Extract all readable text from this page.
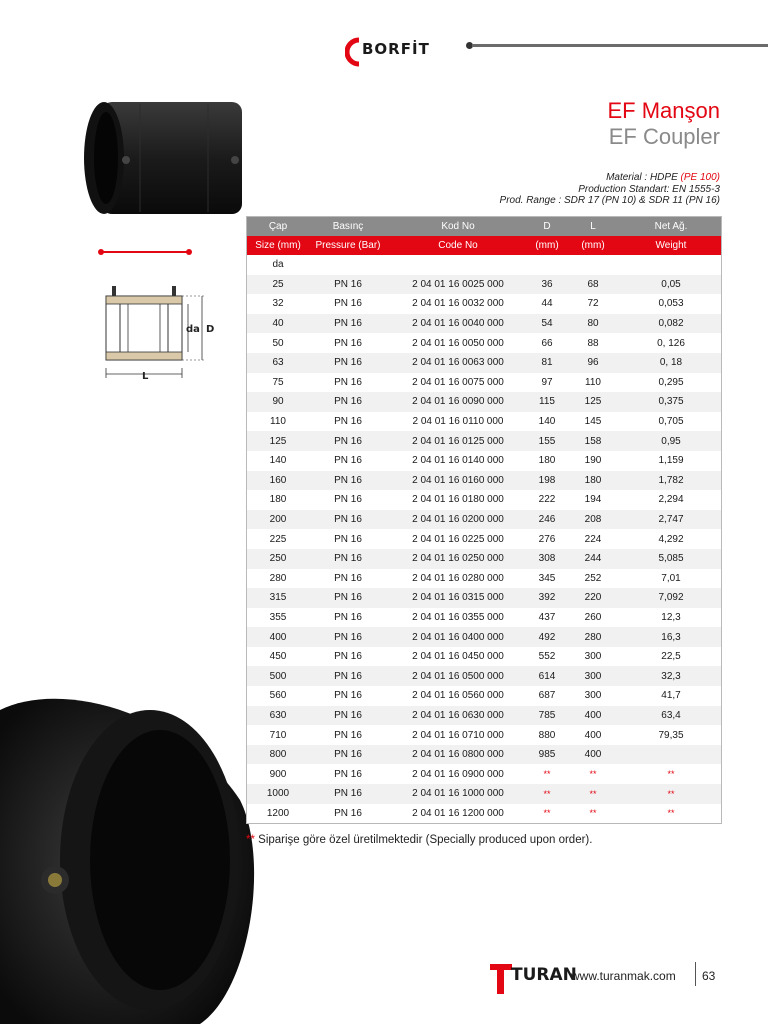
BORFİT
da D
L
EF Manşon
EF Coupler
Material : HDPE (PE 100)
Production Standart: EN 1555-3
Prod. Range : SDR 17 (PN 10) & SDR 11 (PN 16)
Çap	Basınç	Kod No	D	L	Net Ağ.
Size (mm)	Pressure (Bar)	Code No	(mm)	(mm)	Weight
da					
25	PN 16	2 04 01 16 0025 000	36	68	0,05
32	PN 16	2 04 01 16 0032 000	44	72	0,053
40	PN 16	2 04 01 16 0040 000	54	80	0,082
50	PN 16	2 04 01 16 0050 000	66	88	0, 126
63	PN 16	2 04 01 16 0063 000	81	96	0, 18
75	PN 16	2 04 01 16 0075 000	97	110	0,295
90	PN 16	2 04 01 16 0090 000	115	125	0,375
110	PN 16	2 04 01 16 0110 000	140	145	0,705
125	PN 16	2 04 01 16 0125 000	155	158	0,95
140	PN 16	2 04 01 16 0140 000	180	190	1,159
160	PN 16	2 04 01 16 0160 000	198	180	1,782
180	PN 16	2 04 01 16 0180 000	222	194	2,294
200	PN 16	2 04 01 16 0200 000	246	208	2,747
225	PN 16	2 04 01 16 0225 000	276	224	4,292
250	PN 16	2 04 01 16 0250 000	308	244	5,085
280	PN 16	2 04 01 16 0280 000	345	252	7,01
315	PN 16	2 04 01 16 0315 000	392	220	7,092
355	PN 16	2 04 01 16 0355 000	437	260	12,3
400	PN 16	2 04 01 16 0400 000	492	280	16,3
450	PN 16	2 04 01 16 0450 000	552	300	22,5
500	PN 16	2 04 01 16 0500 000	614	300	32,3
560	PN 16	2 04 01 16 0560 000	687	300	41,7
630	PN 16	2 04 01 16 0630 000	785	400	63,4
710	PN 16	2 04 01 16 0710 000	880	400	79,35
800	PN 16	2 04 01 16 0800 000	985	400	
900	PN 16	2 04 01 16 0900 000	**	**	**
1000	PN 16	2 04 01 16 1000 000	**	**	**
1200	PN 16	2 04 01 16 1200 000	**	**	**
** Siparişe göre özel üretilmektedir (Specially produced upon order).
TURAN
www.turanmak.com 63
